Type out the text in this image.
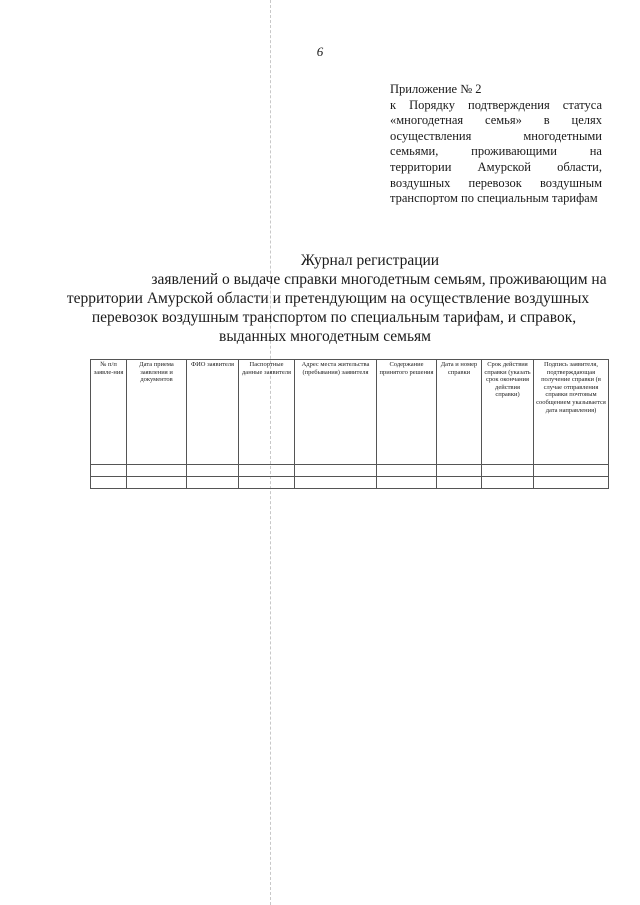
6
Приложение № 2
к Порядку подтверждения статуса «многодетная семья» в целях осуществления многодетными семьями, проживающими на территории Амурской области, воздушных перевозок воздушным транспортом по специальным тарифам
Журнал регистрации
заявлений о выдаче справки многодетным семьям, проживающим на
территории Амурской области и претендующим на осуществление воздушных
перевозок воздушным транспортом по специальным тарифам, и справок,
выданных многодетным семьям
№ п/п заявле-ния	Дата приема заявления и документов	ФИО заявителя	Паспортные данные заявителя	Адрес места жительства (пребывания) заявителя	Содержание принятого решения	Дата и номер справки	Срок действия справки (указать срок окончания действия справки)	Подпись заявителя, подтверждающая получение справки (в случае отправления справки почтовым сообщением указывается дата направления)
